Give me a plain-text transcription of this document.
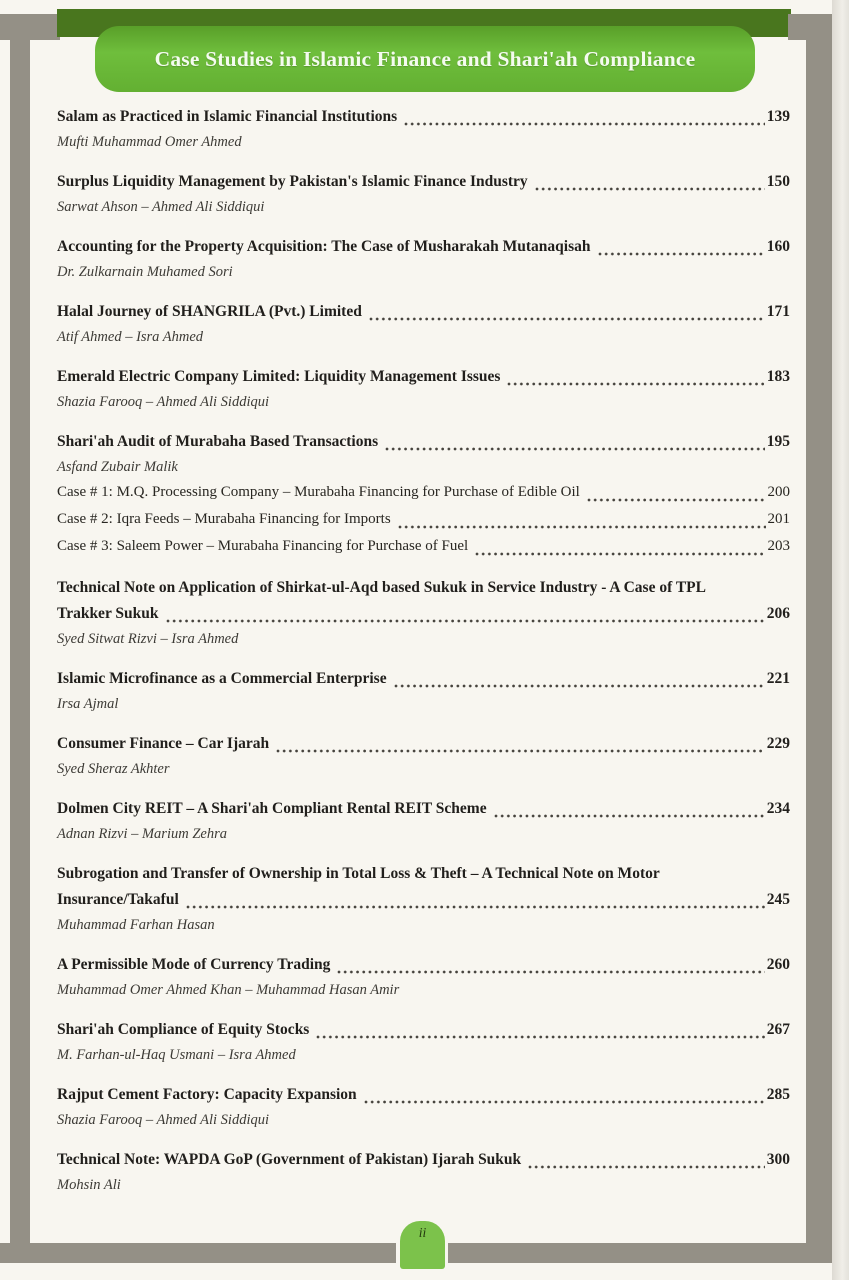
Case Studies in Islamic Finance and Shari'ah Compliance
Salam as Practiced in Islamic Financial Institutions	139
Mufti Muhammad Omer Ahmed
Surplus Liquidity Management by Pakistan's Islamic Finance Industry	150
Sarwat Ahson – Ahmed Ali Siddiqui
Accounting for the Property Acquisition: The Case of Musharakah Mutanaqisah	160
Dr. Zulkarnain Muhamed Sori
Halal Journey of SHANGRILA (Pvt.) Limited	171
Atif Ahmed – Isra Ahmed
Emerald Electric Company Limited: Liquidity Management Issues	183
Shazia Farooq – Ahmed Ali Siddiqui
Shari'ah Audit of Murabaha Based Transactions	195
Asfand Zubair Malik
Case # 1: M.Q. Processing Company – Murabaha Financing for Purchase of Edible Oil	200
Case # 2: Iqra Feeds – Murabaha Financing for Imports	201
Case # 3: Saleem Power – Murabaha Financing for Purchase of Fuel	203
Technical Note on Application of Shirkat-ul-Aqd based Sukuk in Service Industry - A Case of TPL
Trakker Sukuk	206
Syed Sitwat Rizvi – Isra Ahmed
Islamic Microfinance as a Commercial Enterprise	221
Irsa Ajmal
Consumer Finance – Car Ijarah	229
Syed Sheraz Akhter
Dolmen City REIT – A Shari'ah Compliant Rental REIT Scheme	234
Adnan Rizvi – Marium Zehra
Subrogation and Transfer of Ownership in Total Loss & Theft – A Technical Note on Motor
Insurance/Takaful	245
Muhammad Farhan Hasan
A Permissible Mode of Currency Trading	260
Muhammad Omer Ahmed Khan – Muhammad Hasan Amir
Shari'ah Compliance of Equity Stocks	267
M. Farhan-ul-Haq Usmani – Isra Ahmed
Rajput Cement Factory: Capacity Expansion	285
Shazia Farooq – Ahmed Ali Siddiqui
Technical Note: WAPDA GoP (Government of Pakistan) Ijarah Sukuk	300
Mohsin Ali
ii
